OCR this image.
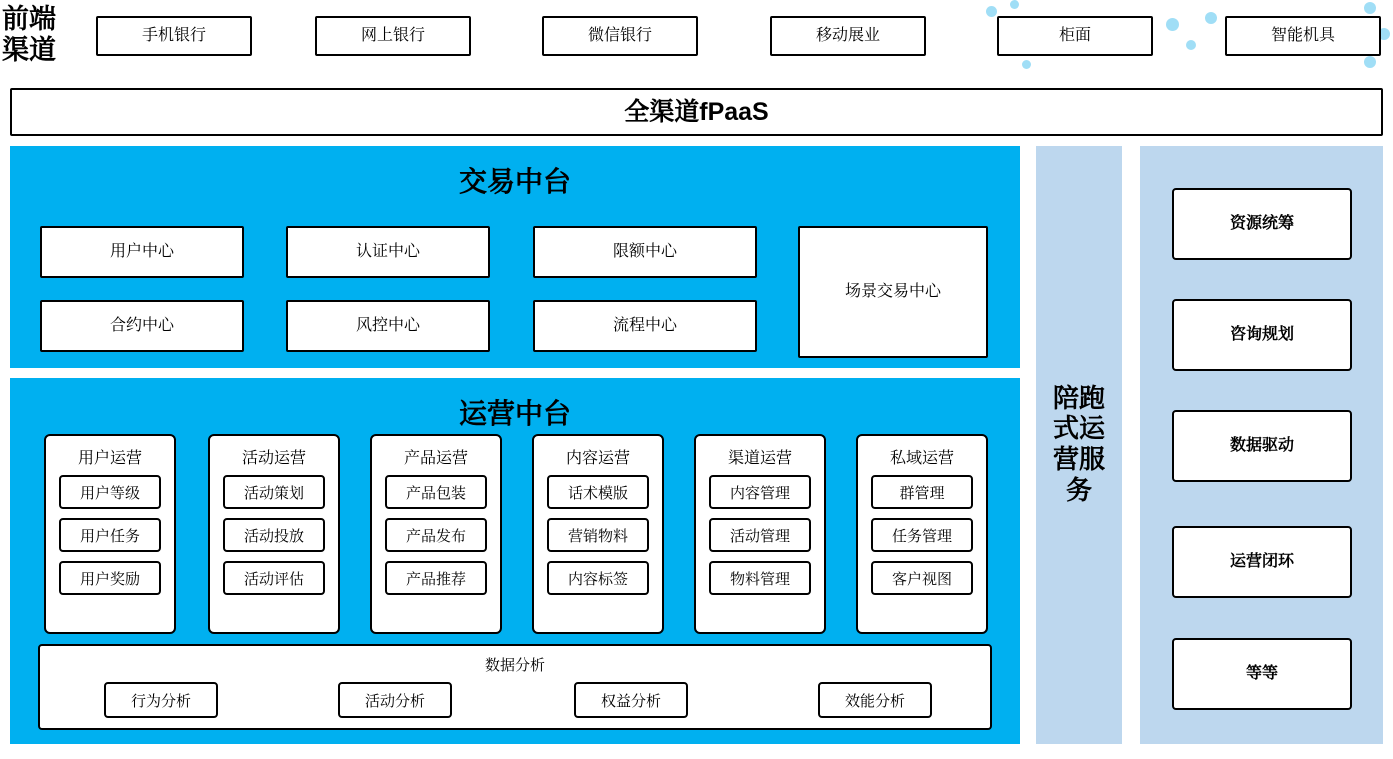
前端
渠道	手机银行	网上银行	微信银行	移动展业	柜面	智能机具
全渠道fPaaS
交易中台
用户中心	认证中心	限额中心
合约中心	风控中心	流程中心
场景交易中心
运营中台
用户运营
用户等级
用户任务
用户奖励
活动运营
活动策划
活动投放
活动评估
产品运营
产品包装
产品发布
产品推荐
内容运营
话术模版
营销物料
内容标签
渠道运营
内容管理
活动管理
物料管理
私域运营
群管理
任务管理
客户视图
数据分析
行为分析	活动分析	权益分析	效能分析
陪跑
式运
营服
务
资源统筹
咨询规划
数据驱动
运营闭环
等等
